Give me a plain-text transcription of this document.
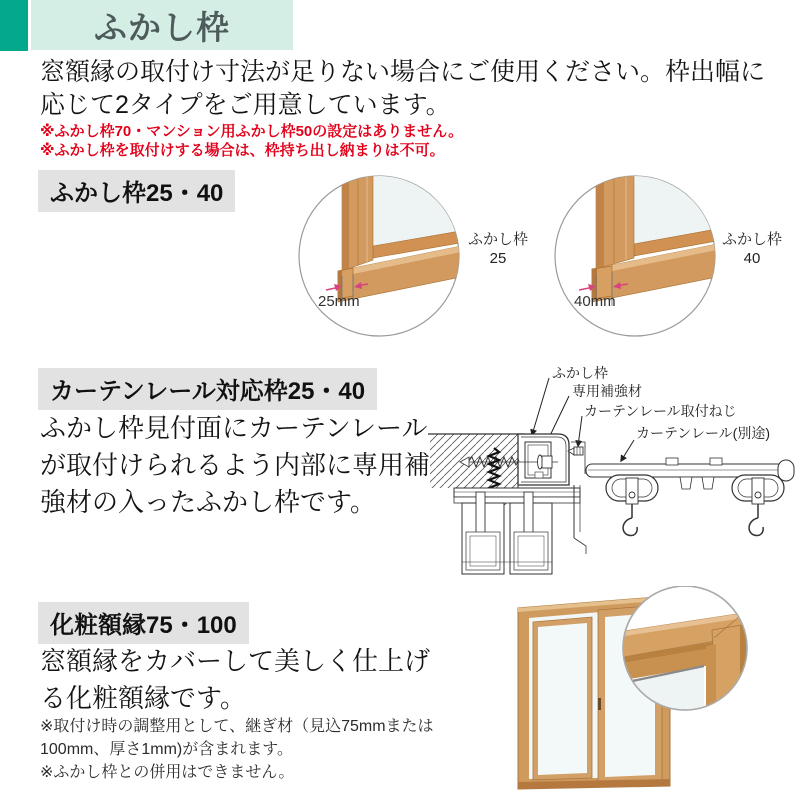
ふかし枠
窓額縁の取付け寸法が足りない場合にご使用ください。枠出幅に
応じて2タイプをご用意しています。
※ふかし枠70・マンション用ふかし枠50の設定はありません。
※ふかし枠を取付けする場合は、枠持ち出し納まりは不可。
ふかし枠25・40
25mm
ふかし枠
25
40mm
ふかし枠
40
カーテンレール対応枠25・40
ふかし枠見付面にカーテンレール
が取付けられるよう内部に専用補
強材の入ったふかし枠です。
ふかし枠
専用補強材
カーテンレール取付ねじ
カーテンレール(別途)
化粧額縁75・100
窓額縁をカバーして美しく仕上げ
る化粧額縁です。
※取付け時の調整用として、継ぎ材（見込75mmまたは
100mm、厚さ1mm)が含まれます。
※ふかし枠との併用はできません。
